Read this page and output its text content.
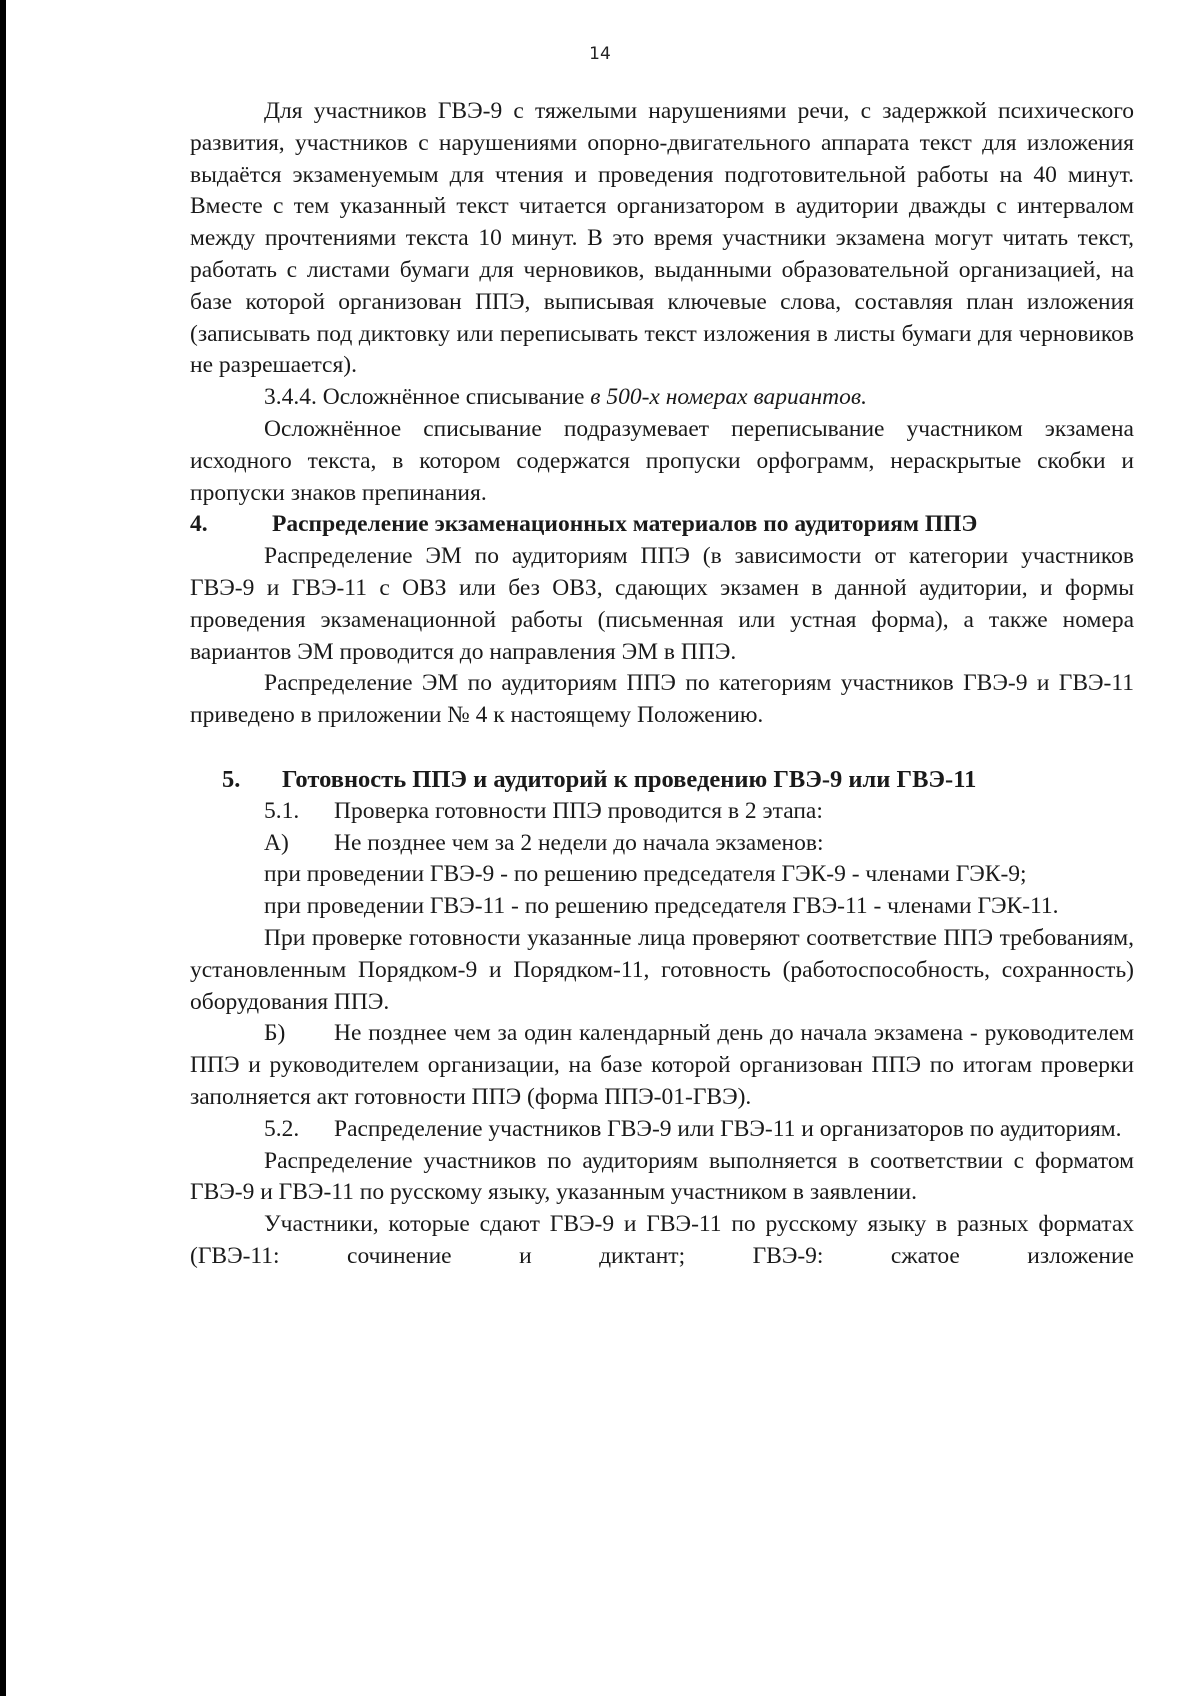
14

Для участников ГВЭ-9 с тяжелыми нарушениями речи, с задержкой психического развития, участников с нарушениями опорно-двигательного аппарата текст для изложения выдаётся экзаменуемым для чтения и проведения подготовительной работы на 40 минут. Вместе с тем указанный текст читается организатором в аудитории дважды с интервалом между прочтениями текста 10 минут. В это время участники экзамена могут читать текст, работать с листами бумаги для черновиков, выданными образовательной организацией, на базе которой организован ППЭ, выписывая ключевые слова, составляя план изложения (записывать под диктовку или переписывать текст изложения в листы бумаги для черновиков не разрешается).

3.4.4. Осложнённое списывание в 500-х номерах вариантов.

Осложнённое списывание подразумевает переписывание участником экзамена исходного текста, в котором содержатся пропуски орфограмм, нераскрытые скобки и пропуски знаков препинания.

4.	Распределение экзаменационных материалов по аудиториям ППЭ

Распределение ЭМ по аудиториям ППЭ (в зависимости от категории участников ГВЭ-9 и ГВЭ-11 с ОВЗ или без ОВЗ, сдающих экзамен в данной аудитории, и формы проведения экзаменационной работы (письменная или устная форма), а также номера вариантов ЭМ проводится до направления ЭМ в ППЭ.

Распределение ЭМ по аудиториям ППЭ по категориям участников ГВЭ-9 и ГВЭ-11 приведено в приложении № 4 к настоящему Положению.

5.	Готовность ППЭ и аудиторий к проведению ГВЭ-9 или ГВЭ-11
5.1.	Проверка готовности ППЭ проводится в 2 этапа:
А)	Не позднее чем за 2 недели до начала экзаменов:

при проведении ГВЭ-9 - по решению председателя ГЭК-9 - членами ГЭК-9;

при проведении ГВЭ-11 - по решению председателя ГВЭ-11 - членами ГЭК-11.

При проверке готовности указанные лица проверяют соответствие ППЭ требованиям, установленным Порядком-9 и Порядком-11, готовность (работоспособность, сохранность) оборудования ППЭ.

Б) Не позднее чем за один календарный день до начала экзамена - руководителем ППЭ и руководителем организации, на базе которой организован ППЭ по итогам проверки заполняется акт готовности ППЭ (форма ППЭ-01-ГВЭ).

5.2. Распределение участников ГВЭ-9 или ГВЭ-11 и организаторов по аудиториям.

Распределение участников по аудиториям выполняется в соответствии с форматом ГВЭ-9 и ГВЭ-11 по русскому языку, указанным участником в заявлении.

Участники, которые сдают ГВЭ-9 и ГВЭ-11 по русскому языку в разных форматах (ГВЭ-11: сочинение и диктант; ГВЭ-9: сжатое изложение
